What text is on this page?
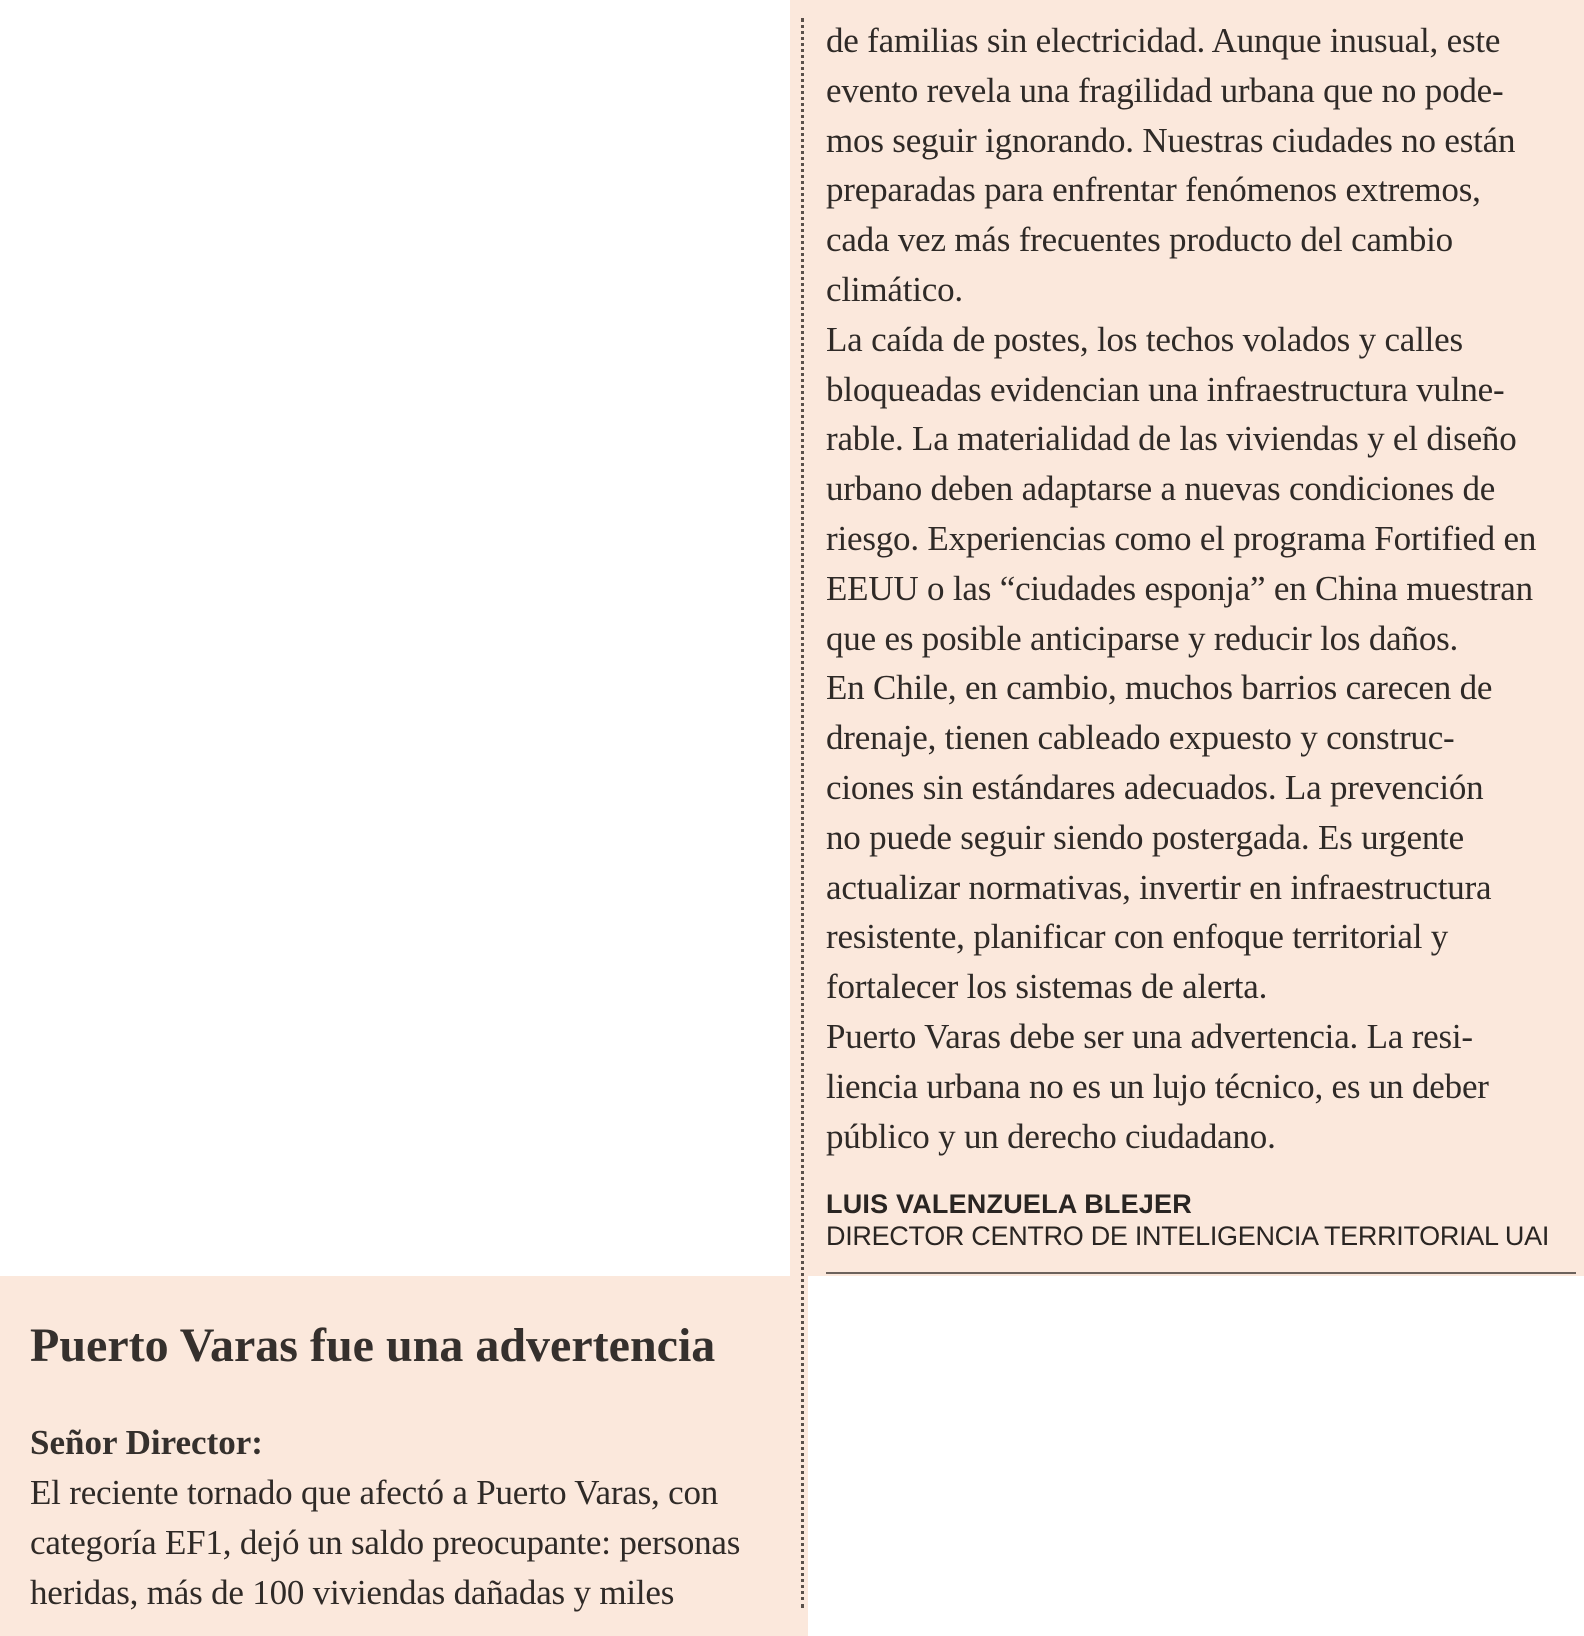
de familias sin electricidad. Aunque inusual, este
evento revela una fragilidad urbana que no pode-
mos seguir ignorando. Nuestras ciudades no están
preparadas para enfrentar fenómenos extremos,
cada vez más frecuentes producto del cambio
climático.

La caída de postes, los techos volados y calles
bloqueadas evidencian una infraestructura vulne-
rable. La materialidad de las viviendas y el diseño
urbano deben adaptarse a nuevas condiciones de
riesgo. Experiencias como el programa Fortified en
EEUU o las “ciudades esponja” en China muestran
que es posible anticiparse y reducir los daños.

En Chile, en cambio, muchos barrios carecen de
drenaje, tienen cableado expuesto y construc-
ciones sin estándares adecuados. La prevención
no puede seguir siendo postergada. Es urgente
actualizar normativas, invertir en infraestructura
resistente, planificar con enfoque territorial y
fortalecer los sistemas de alerta.

Puerto Varas debe ser una advertencia. La resi-
liencia urbana no es un lujo técnico, es un deber
público y un derecho ciudadano.

LUIS VALENZUELA BLEJER
DIRECTOR CENTRO DE INTELIGENCIA TERRITORIAL UAI
Puerto Varas fue una advertencia

Señor Director:

El reciente tornado que afectó a Puerto Varas, con
categoría EF1, dejó un saldo preocupante: personas
heridas, más de 100 viviendas dañadas y miles
